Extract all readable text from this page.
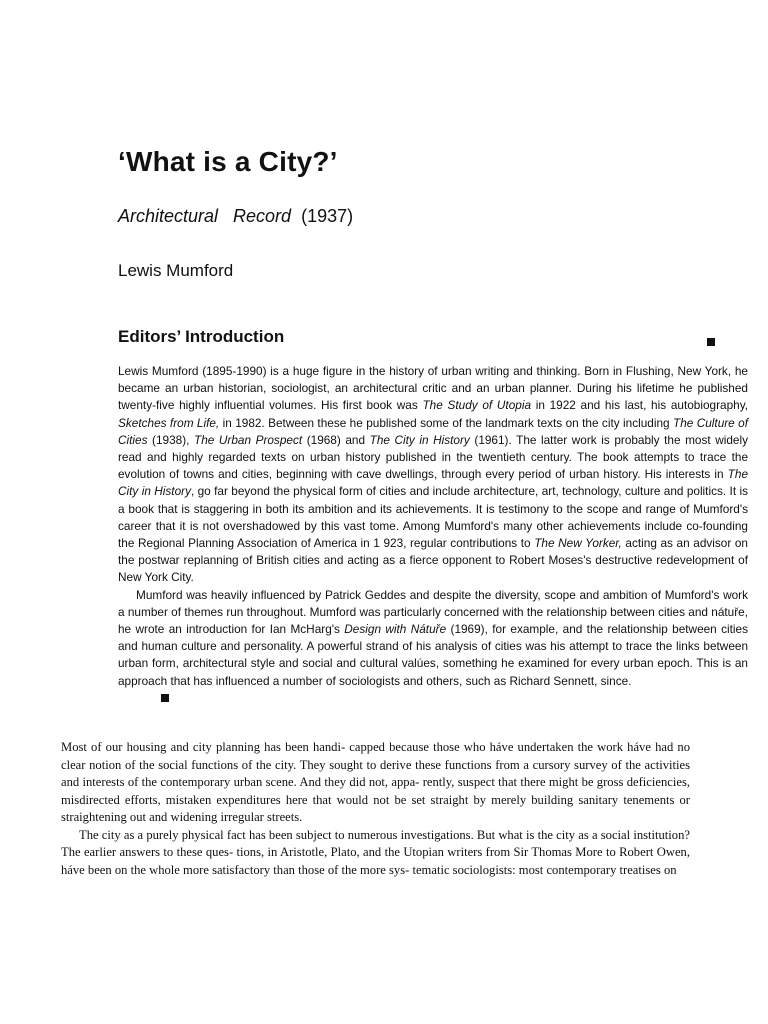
‘What is a City?’
Architectural Record (1937)
Lewis Mumford
Editors’ Introduction

Lewis Mumford (1895-1990) is a huge figure in the history of urban writing and thinking. Born in Flushing, New York, he became an urban historian, sociologist, an architectural critic and an urban planner. During his lifetime he published twenty-five highly influential volumes. His first book was The Study of Utopia in 1922 and his last, his autobiography, Sketches from Life, in 1982. Between these he published some of the landmark texts on the city including The Culture of Cities (1938), The Urban Prospect (1968) and The City in History (1961). The latter work is probably the most widely read and highly regarded texts on urban history published in the twentieth century. The book attempts to trace the evolution of towns and cities, beginning with cave dwellings, through every period of urban history. His interests in The City in History, go far beyond the physical form of cities and include architecture, art, technology, culture and politics. It is a book that is staggering in both its ambition and its achievements. It is testimony to the scope and range of Mumford's career that it is not overshadowed by this vast tome. Among Mumford's many other achievements include co-founding the Regional Planning Association of America in 1 923, regular contributions to The New Yorker, acting as an advisor on the postwar replanning of British cities and acting as a fierce opponent to Robert Moses's destructive redevelopment of New York City.

Mumford was heavily influenced by Patrick Geddes and despite the diversity, scope and ambition of Mumford's work a number of themes run throughout. Mumford was particularly concerned with the relationship between cities and nátuře, he wrote an introduction for Ian McHarg's Design with Nátuře (1969), for example, and the relationship between cities and human culture and personality. A powerful strand of his analysis of cities was his attempt to trace the links between urban form, architectural style and social and cultural valúes, something he examined for every urban epoch. This is an approach that has influenced a number of sociologists and others, such as Richard Sennett, since.

Most of our housing and city planning has been handi- capped because those who háve undertaken the work háve had no clear notion of the social functions of the city. They sought to derive these functions from a cursory survey of the activities and interests of the contemporary urban scene. And they did not, appa- rently, suspect that there might be gross deficiencies, misdirected efforts, mistaken expenditures here that would not be set straight by merely building sanitary tenements or straightening out and widening irregular streets.

The city as a purely physical fact has been subject to numerous investigations. But what is the city as a social institution? The earlier answers to these ques- tions, in Aristotle, Plato, and the Utopian writers from Sir Thomas More to Robert Owen, háve been on the whole more satisfactory than those of the more sys- tematic sociologists: most contemporary treatises on
